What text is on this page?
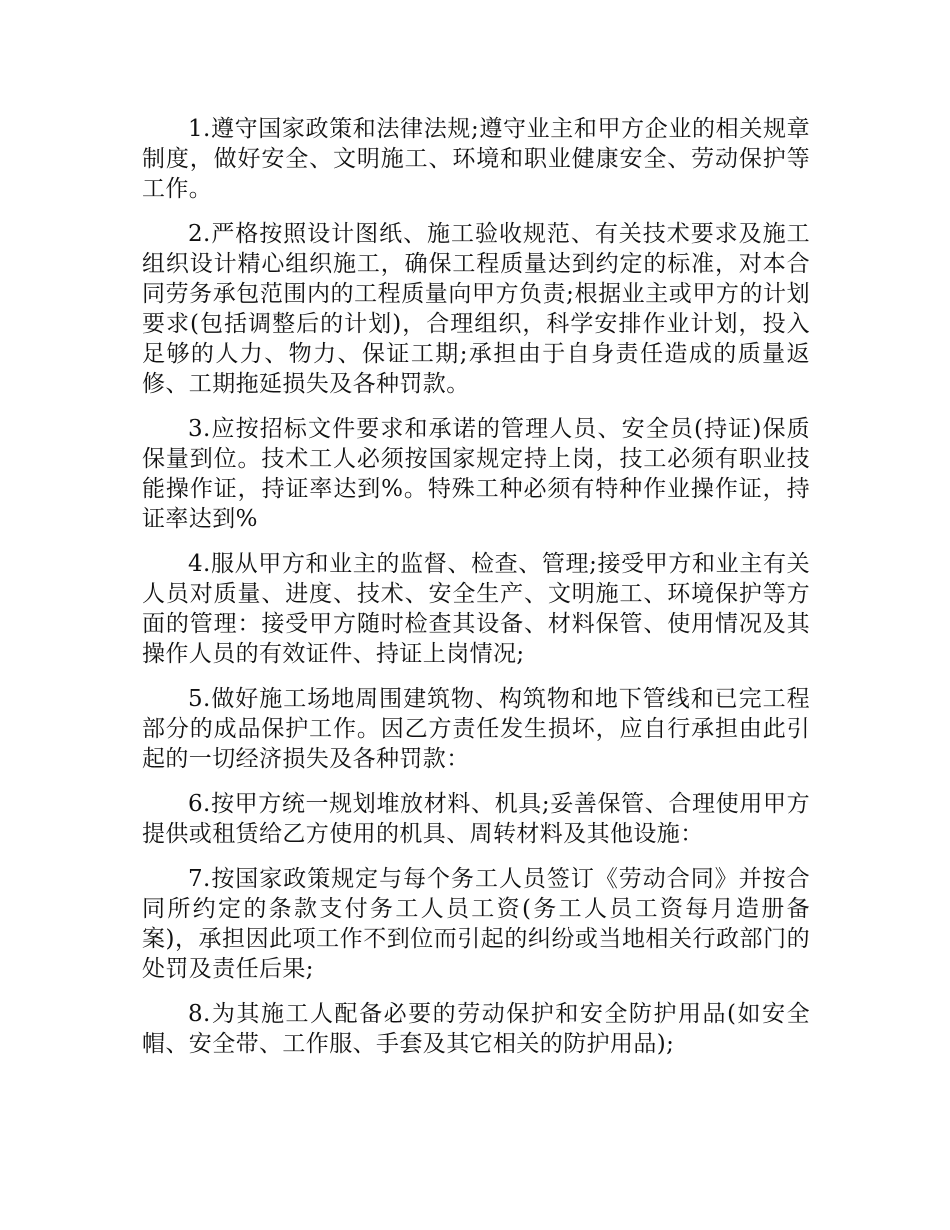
1.遵守国家政策和法律法规;遵守业主和甲方企业的相关规章制度，做好安全、文明施工、环境和职业健康安全、劳动保护等工作。

2.严格按照设计图纸、施工验收规范、有关技术要求及施工组织设计精心组织施工，确保工程质量达到约定的标准，对本合同劳务承包范围内的工程质量向甲方负责;根据业主或甲方的计划要求(包括调整后的计划)，合理组织，科学安排作业计划，投入足够的人力、物力、保证工期;承担由于自身责任造成的质量返修、工期拖延损失及各种罚款。

3.应按招标文件要求和承诺的管理人员、安全员(持证)保质保量到位。技术工人必须按国家规定持上岗，技工必须有职业技能操作证，持证率达到%。特殊工种必须有特种作业操作证，持证率达到%

4.服从甲方和业主的监督、检查、管理;接受甲方和业主有关人员对质量、进度、技术、安全生产、文明施工、环境保护等方面的管理：接受甲方随时检查其设备、材料保管、使用情况及其操作人员的有效证件、持证上岗情况;

5.做好施工场地周围建筑物、构筑物和地下管线和已完工程部分的成品保护工作。因乙方责任发生损坏，应自行承担由此引起的一切经济损失及各种罚款：

6.按甲方统一规划堆放材料、机具;妥善保管、合理使用甲方提供或租赁给乙方使用的机具、周转材料及其他设施：

7.按国家政策规定与每个务工人员签订《劳动合同》并按合同所约定的条款支付务工人员工资(务工人员工资每月造册备案)，承担因此项工作不到位而引起的纠纷或当地相关行政部门的处罚及责任后果;

8.为其施工人配备必要的劳动保护和安全防护用品(如安全帽、安全带、工作服、手套及其它相关的防护用品);
